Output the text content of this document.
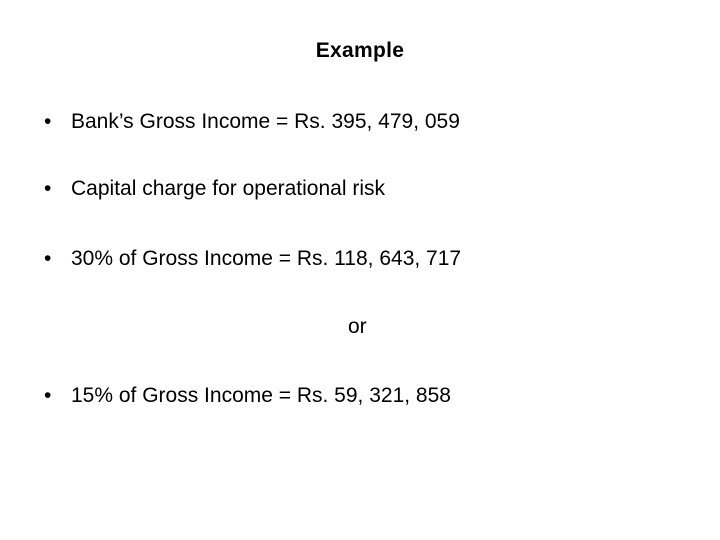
Example
• Bank’s Gross Income = Rs. 395, 479, 059
• Capital charge for operational risk
• 30% of Gross Income = Rs. 118, 643, 717
or
• 15% of Gross Income = Rs. 59, 321, 858
